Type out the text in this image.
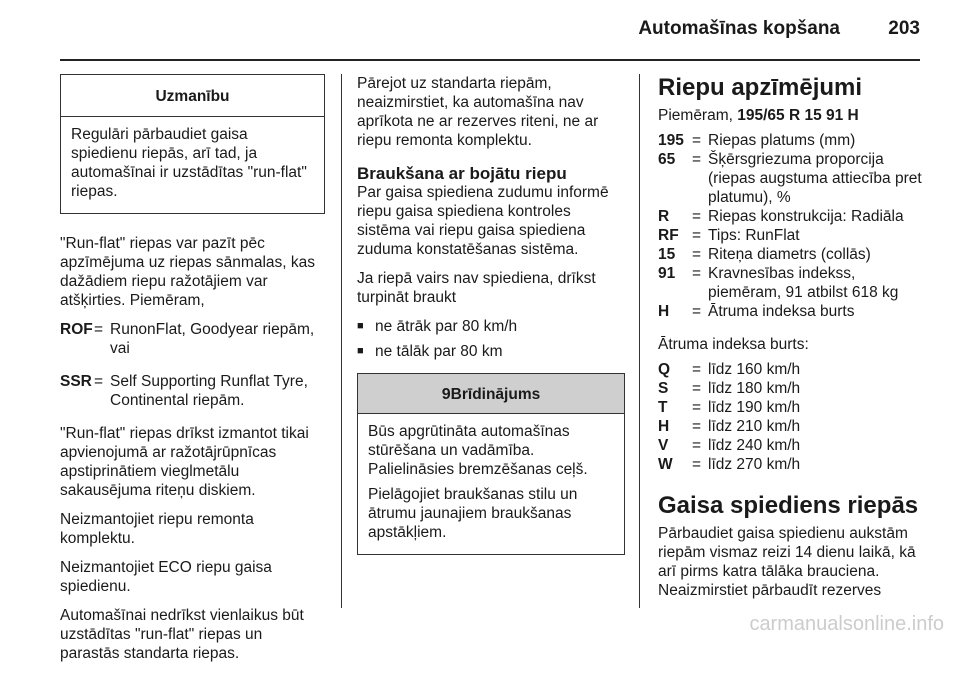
Automašīnas kopšana	203
Uzmanību

Regulāri pārbaudiet gaisa spiedienu riepās, arī tad, ja automašīnai ir uzstādītas "run-flat" riepas.

"Run-flat" riepas var pazīt pēc apzīmējuma uz riepas sānmalas, kas dažādiem riepu ražotājiem var atšķirties. Piemēram,

ROF = RunonFlat, Goodyear riepām, vai
SSR = Self Supporting Runflat Tyre, Continental riepām.

"Run-flat" riepas drīkst izmantot tikai apvienojumā ar ražotājrūpnīcas apstiprinātiem vieglmetālu sakausējuma riteņu diskiem.

Neizmantojiet riepu remonta komplektu.

Neizmantojiet ECO riepu gaisa spiedienu.

Automašīnai nedrīkst vienlaikus būt uzstādītas "run-flat" riepas un parastās standarta riepas.

Pārejot uz standarta riepām, neaizmirstiet, ka automašīna nav aprīkota ne ar rezerves riteni, ne ar riepu remonta komplektu.

Braukšana ar bojātu riepu

Par gaisa spiediena zudumu informē riepu gaisa spiediena kontroles sistēma vai riepu gaisa spiediena zuduma konstatēšanas sistēma.

Ja riepā vairs nav spiediena, drīkst turpināt braukt

■ ne ātrāk par 80 km/h
■ ne tālāk par 80 km
9Brīdinājums

Būs apgrūtināta automašīnas stūrēšana un vadāmība. Palielināsies bremzēšanas ceļš.

Pielāgojiet braukšanas stilu un ātrumu jaunajiem braukšanas apstākļiem.

Riepu apzīmējumi

Piemēram, 195/65 R 15 91 H

195 = Riepas platums (mm)
65	= Šķērsgriezuma proporcija (riepas augstuma attiecība pret platumu), %
R	= Riepas konstrukcija: Radiāla
RF = Tips: RunFlat
15	= Riteņa diametrs (collās)
91	= Kravnesības indekss, piemēram, 91 atbilst 618 kg
H	= Ātruma indeksa burts

Ātruma indeksa burts:

Q	= līdz 160 km/h
S	= līdz 180 km/h
T	= līdz 190 km/h
H	= līdz 210 km/h
V	= līdz 240 km/h
W	= līdz 270 km/h
Gaisa spiediens riepās

Pārbaudiet gaisa spiedienu aukstām riepām vismaz reizi 14 dienu laikā, kā arī pirms katra tālāka brauciena. Neaizmirstiet pārbaudīt rezerves

carmanualsonline.info
